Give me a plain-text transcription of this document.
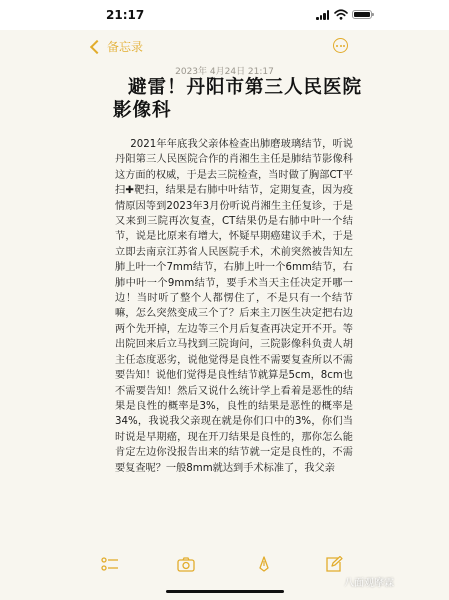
21:17
备忘录
2023年 4月24日 21:17
避雷！丹阳市第三人民医院影像科

2021年年底我父亲体检查出肺磨玻璃结节，听说丹阳第三人民医院合作的肖湘生主任是肺结节影像科这方面的权威，于是去三院检查，当时做了胸部CT平扫✚靶扫，结果是右肺中叶结节，定期复查，因为疫情原因等到2023年3月份听说肖湘生主任复诊，于是又来到三院再次复查，CT结果仍是右肺中叶一个结节，说是比原来有增大，怀疑早期癌建议手术，于是立即去南京江苏省人民医院手术，术前突然被告知左肺上叶一个7mm结节，右肺上叶一个6mm结节，右肺中叶一个9mm结节，要手术当天主任决定开哪一边！当时听了整个人都愣住了，不是只有一个结节嘛，怎么突然变成三个了？后来主刀医生决定把右边两个先开掉，左边等三个月后复查再决定开不开。等出院回来后立马找到三院询问，三院影像科负责人胡主任态度恶劣，说他觉得是良性不需要复查所以不需要告知！说他们觉得是良性结节就算是5cm，8cm也不需要告知！然后又说什么统计学上看着是恶性的结果是良性的概率是3%，良性的结果是恶性的概率是34%，我说我父亲现在就是你们口中的3%，你们当时说是早期癌，现在开刀结果是良性的，那你怎么能肯定左边你没报告出来的结节就一定是良性的，不需要复查呢？一般8mm就达到手术标准了，我父亲

八面观摩霖
